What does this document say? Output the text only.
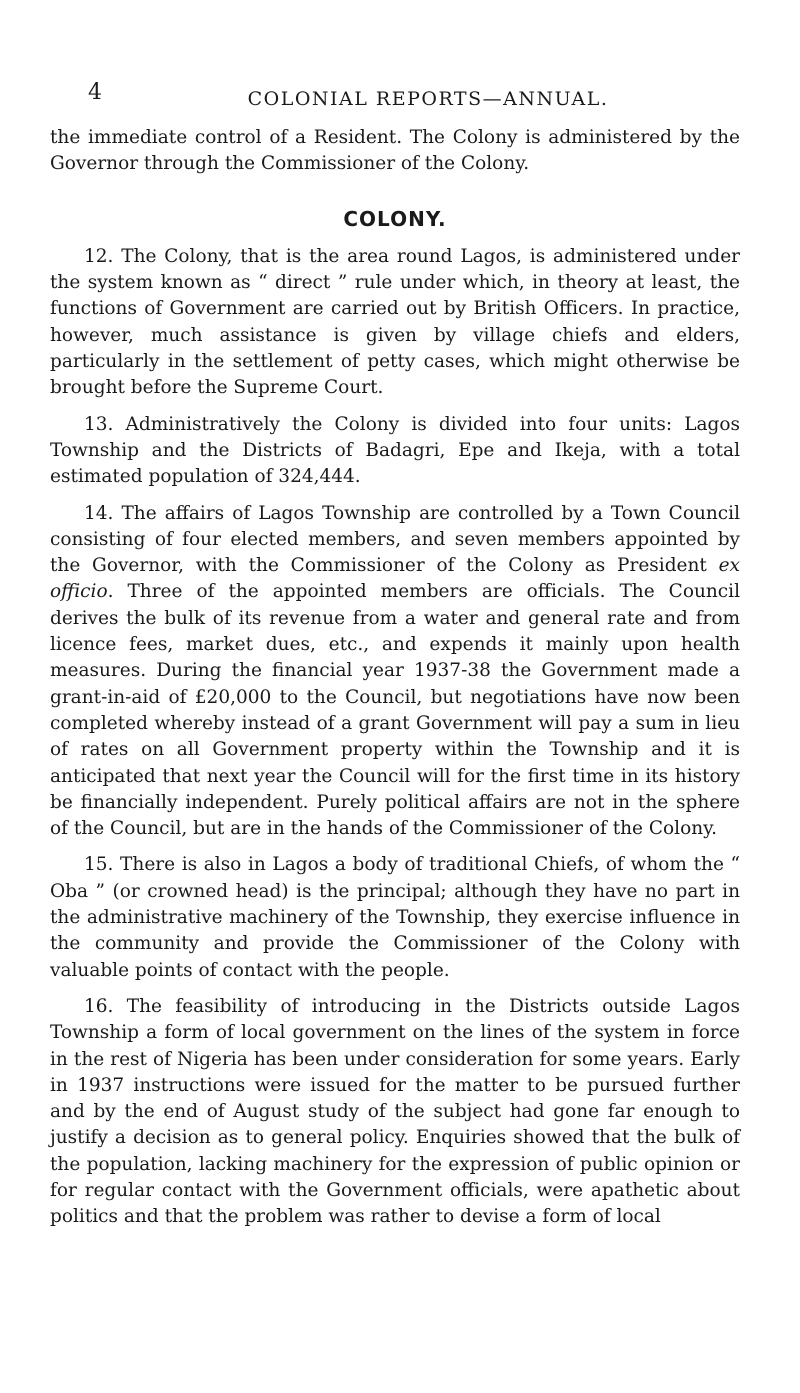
4	COLONIAL REPORTS—ANNUAL.

the immediate control of a Resident. The Colony is administered by the Governor through the Commissioner of the Colony.

COLONY.

12. The Colony, that is the area round Lagos, is administered under the system known as “ direct ” rule under which, in theory at least, the functions of Government are carried out by British Officers. In practice, however, much assistance is given by village chiefs and elders, particularly in the settlement of petty cases, which might otherwise be brought before the Supreme Court.

13. Administratively the Colony is divided into four units: Lagos Township and the Districts of Badagri, Epe and Ikeja, with a total estimated population of 324,444.

14. The affairs of Lagos Township are controlled by a Town Council consisting of four elected members, and seven members appointed by the Governor, with the Commissioner of the Colony as President ex officio. Three of the appointed members are officials. The Council derives the bulk of its revenue from a water and general rate and from licence fees, market dues, etc., and expends it mainly upon health measures. During the financial year 1937-38 the Government made a grant-in-aid of £20,000 to the Council, but negotiations have now been completed whereby instead of a grant Government will pay a sum in lieu of rates on all Government property within the Township and it is anticipated that next year the Council will for the first time in its history be financially independent. Purely political affairs are not in the sphere of the Council, but are in the hands of the Commissioner of the Colony.

15. There is also in Lagos a body of traditional Chiefs, of whom the “ Oba ” (or crowned head) is the principal; although they have no part in the administrative machinery of the Township, they exercise influence in the community and provide the Commissioner of the Colony with valuable points of contact with the people.

16. The feasibility of introducing in the Districts outside Lagos Township a form of local government on the lines of the system in force in the rest of Nigeria has been under consideration for some years. Early in 1937 instructions were issued for the matter to be pursued further and by the end of August study of the subject had gone far enough to justify a decision as to general policy. Enquiries showed that the bulk of the population, lacking machinery for the expression of public opinion or for regular contact with the Government officials, were apathetic about politics and that the problem was rather to devise a form of local
